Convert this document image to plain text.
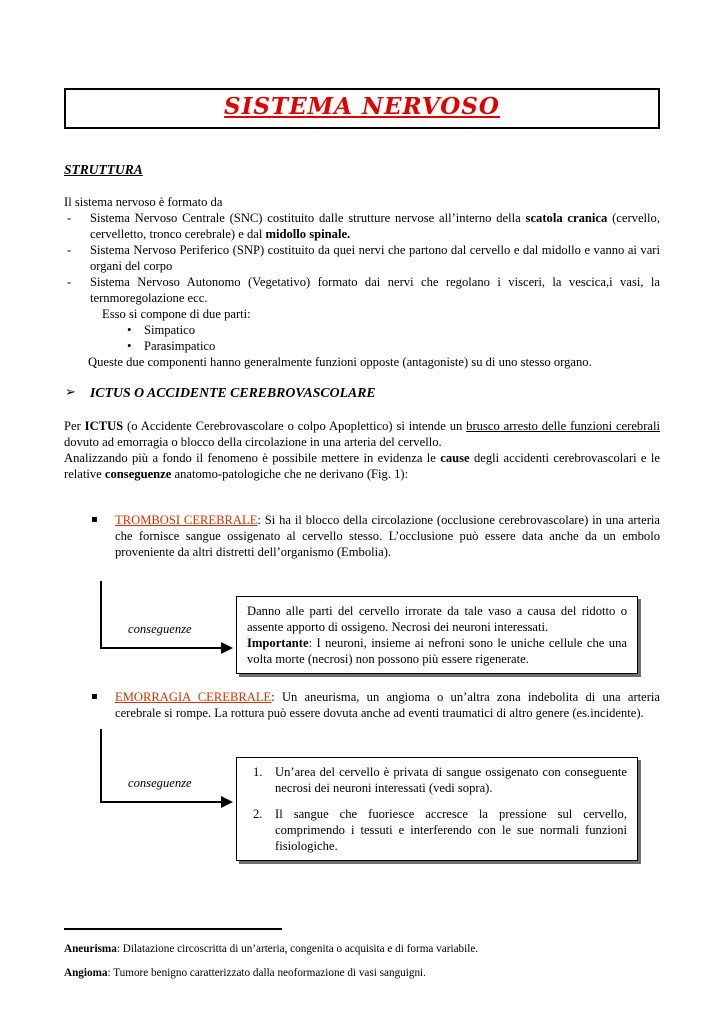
SISTEMA NERVOSO
STRUTTURA
Il sistema nervoso è formato da
- Sistema Nervoso Centrale (SNC) costituito dalle strutture nervose all’interno della scatola cranica (cervello, cervelletto, tronco cerebrale) e dal midollo spinale.
- Sistema Nervoso Periferico (SNP) costituito da quei nervi che partono dal cervello e dal midollo e vanno ai vari organi del corpo
- Sistema Nervoso Autonomo (Vegetativo) formato dai nervi che regolano i visceri, la vescica,i vasi, la ternmoregolazione ecc.
Esso si compone di due parti:
• Simpatico
• Parasimpatico
Queste due componenti hanno generalmente funzioni opposte (antagoniste) su di uno stesso organo.
➢ ICTUS O ACCIDENTE CEREBROVASCOLARE
Per ICTUS (o Accidente Cerebrovascolare o colpo Apoplettico) si intende un brusco arresto delle funzioni cerebrali dovuto ad emorragia o blocco della circolazione in una arteria del cervello.
Analizzando più a fondo il fenomeno è possibile mettere in evidenza le cause degli accidenti cerebrovascolari e le relative conseguenze anatomo-patologiche che ne derivano (Fig. 1):
▪ TROMBOSI CEREBRALE: Si ha il blocco della circolazione (occlusione cerebrovascolare) in una arteria che fornisce sangue ossigenato al cervello stesso. L’occlusione può essere data anche da un embolo proveniente da altri distretti dell’organismo (Embolia).
conseguenze
Danno alle parti del cervello irrorate da tale vaso a causa del ridotto o assente apporto di ossigeno. Necrosi dei neuroni interessati.
Importante: I neuroni, insieme ai nefroni sono le uniche cellule che una volta morte (necrosi) non possono più essere rigenerate.
▪ EMORRAGIA CEREBRALE: Un aneurisma, un angioma o un’altra zona indebolita di una arteria cerebrale si rompe. La rottura può essere dovuta anche ad eventi traumatici di altro genere (es.incidente).
conseguenze
1. Un’area del cervello è privata di sangue ossigenato con conseguente necrosi dei neuroni interessati (vedi sopra).
2. Il sangue che fuoriesce accresce la pressione sul cervello, comprimendo i tessuti e interferendo con le sue normali funzioni fisiologiche.
Aneurisma: Dilatazione circoscritta di un’arteria, congenita o acquisita e di forma variabile.
Angioma: Tumore benigno caratterizzato dalla neoformazione di vasi sanguigni.
